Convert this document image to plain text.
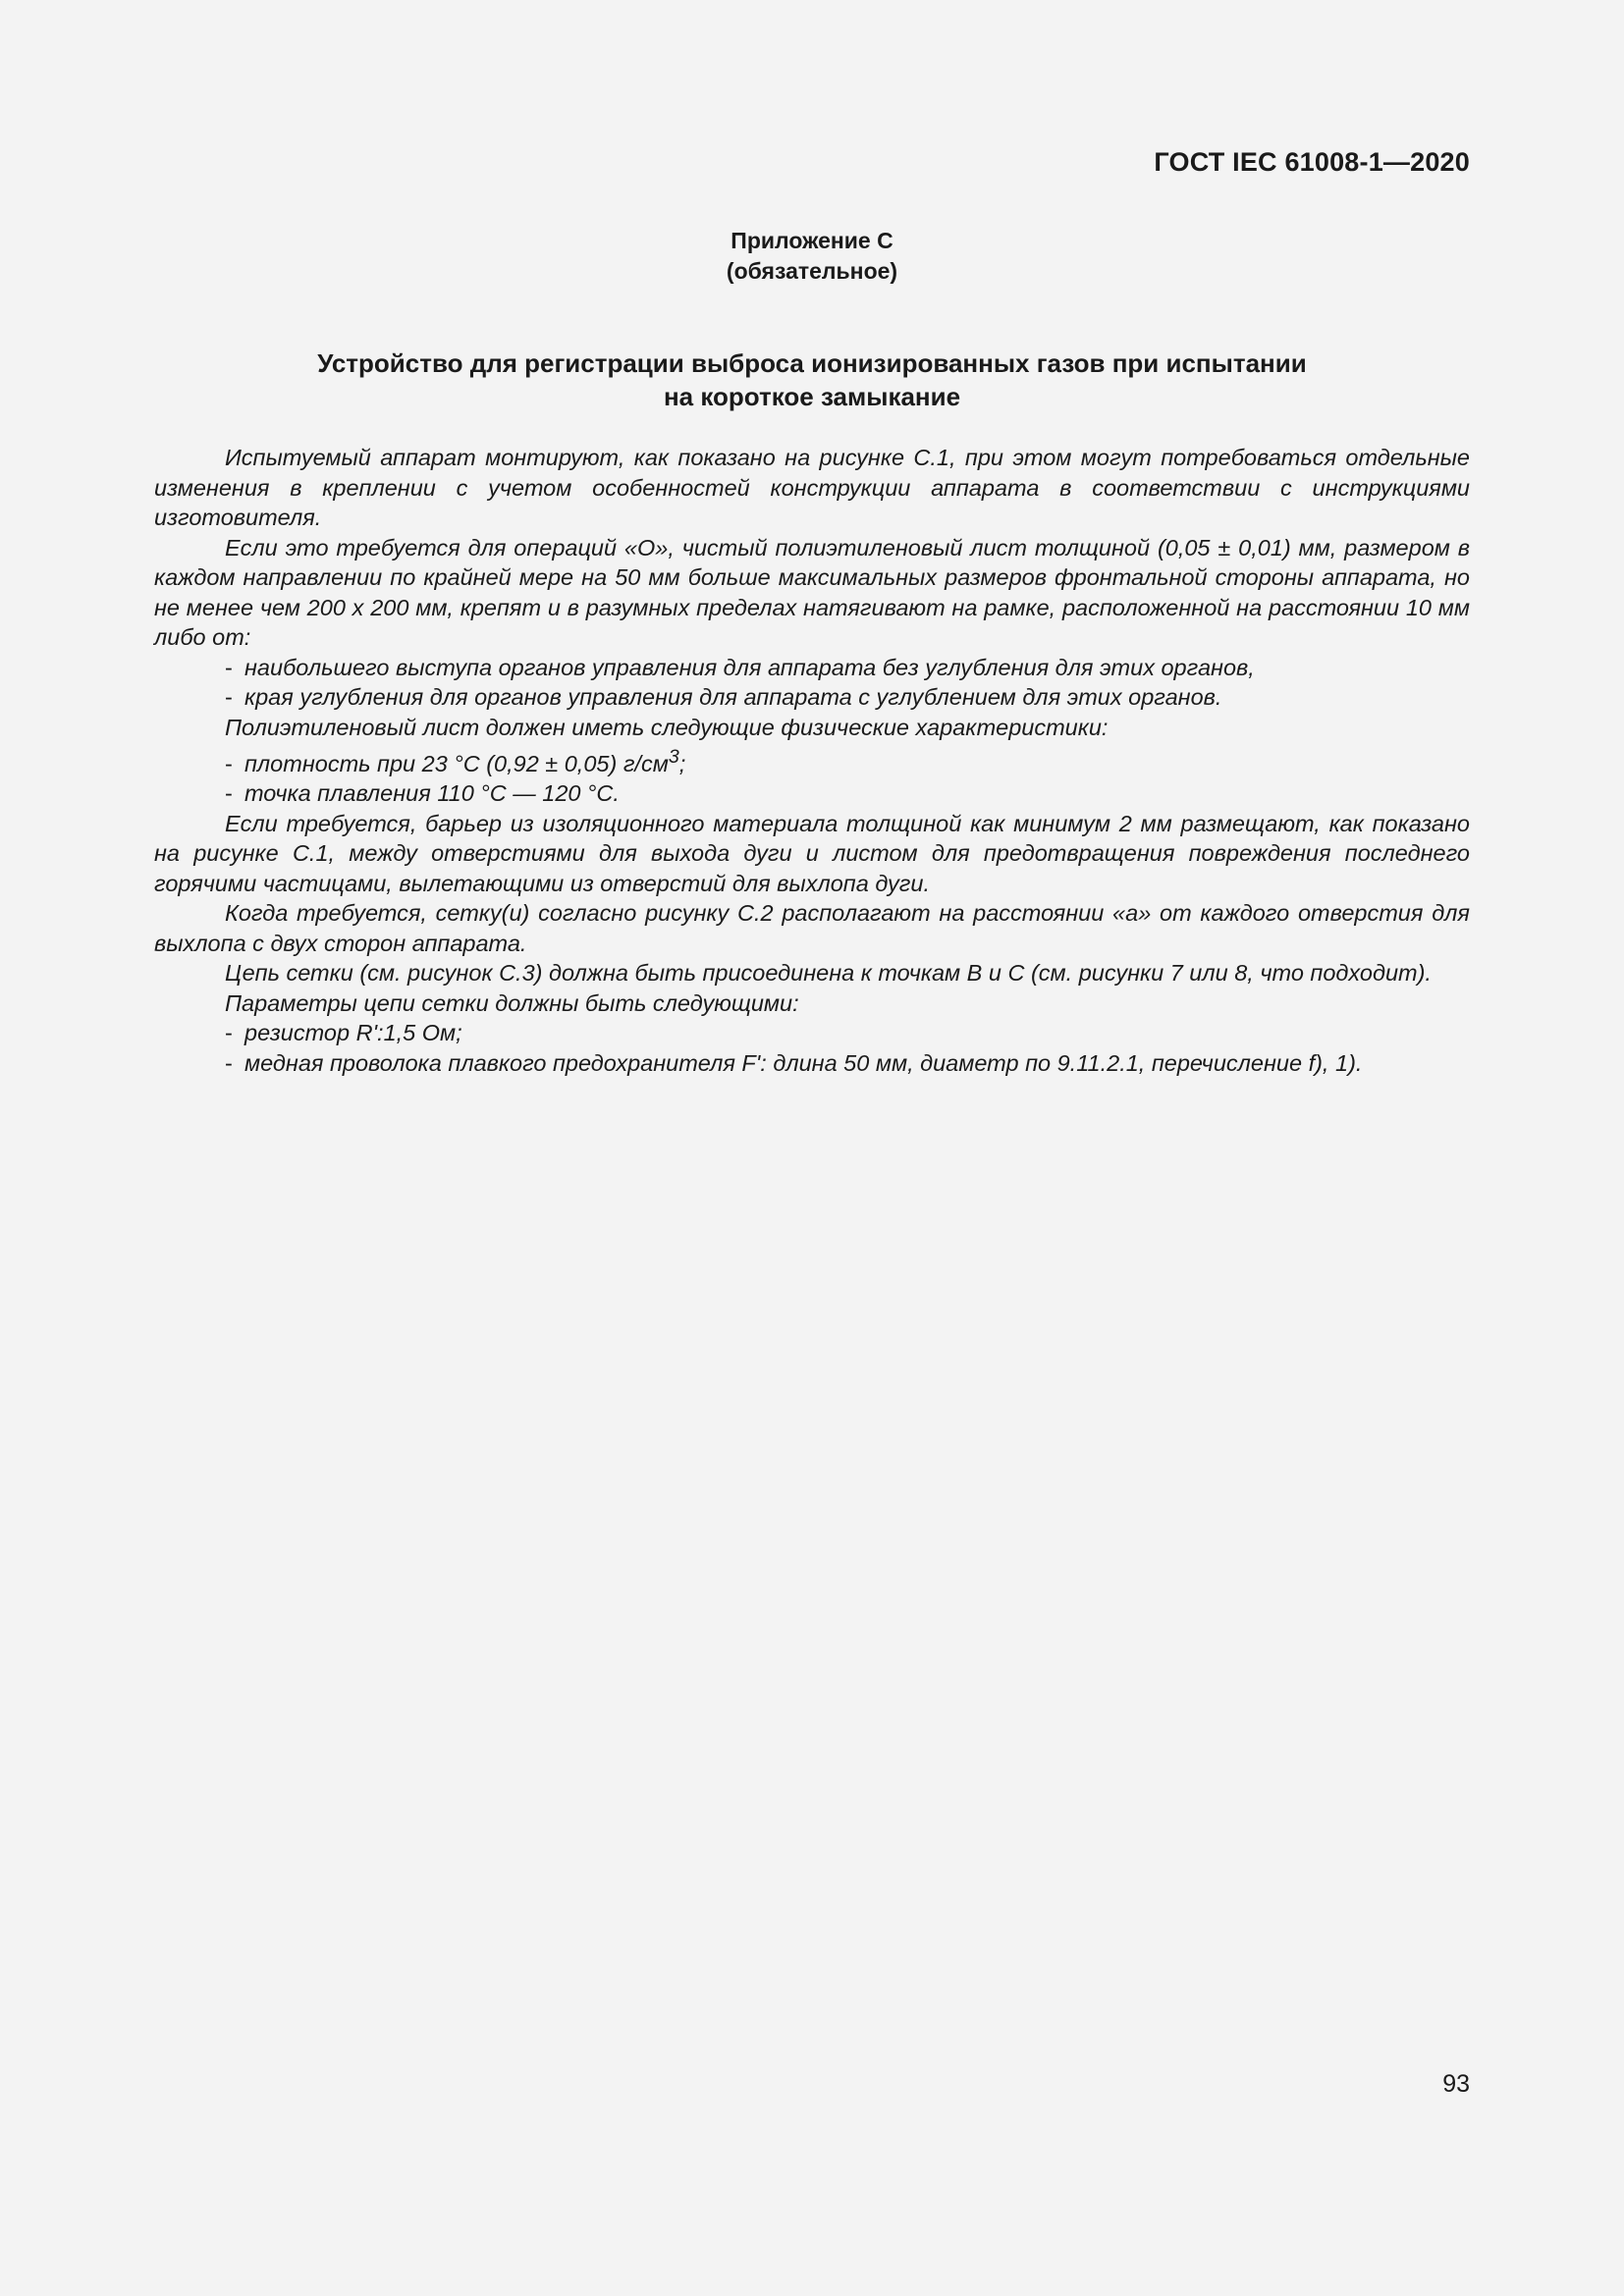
ГОСТ IEC 61008-1—2020
Приложение С
(обязательное)
Устройство для регистрации выброса ионизированных газов при испытании
на короткое замыкание

Испытуемый аппарат монтируют, как показано на рисунке С.1, при этом могут потребоваться отдельные изменения в креплении с учетом особенностей конструкции аппарата в соответствии с инструкциями изготовителя.

Если это требуется для операций «О», чистый полиэтиленовый лист толщиной (0,05 ± 0,01) мм, размером в каждом направлении по крайней мере на 50 мм больше максимальных размеров фронтальной стороны аппарата, но не менее чем 200 х 200 мм, крепят и в разумных пределах натягивают на рамке, расположенной на расстоянии 10 мм либо от:

- наибольшего выступа органов управления для аппарата без углубления для этих органов,

- края углубления для органов управления для аппарата с углублением для этих органов.

Полиэтиленовый лист должен иметь следующие физические характеристики:

- плотность при 23 °С (0,92 ± 0,05) $г/см^3$;

- точка плавления 110 °С — 120 °С.

Если требуется, барьер из изоляционного материала толщиной как минимум 2 мм размещают, как показано на рисунке С.1, между отверстиями для выхода дуги и листом для предотвращения повреждения последнего горячими частицами, вылетающими из отверстий для выхлопа дуги.

Когда требуется, сетку(и) согласно рисунку С.2 располагают на расстоянии «а» от каждого отверстия для выхлопа с двух сторон аппарата.

Цепь сетки (см. рисунок С.3) должна быть присоединена к точкам В и С (см. рисунки 7 или 8, что подходит).

Параметры цепи сетки должны быть следующими:

- резистор R':1,5 Ом;

- медная проволока плавкого предохранителя F': длина 50 мм, диаметр по 9.11.2.1, перечисление f), 1).

93
